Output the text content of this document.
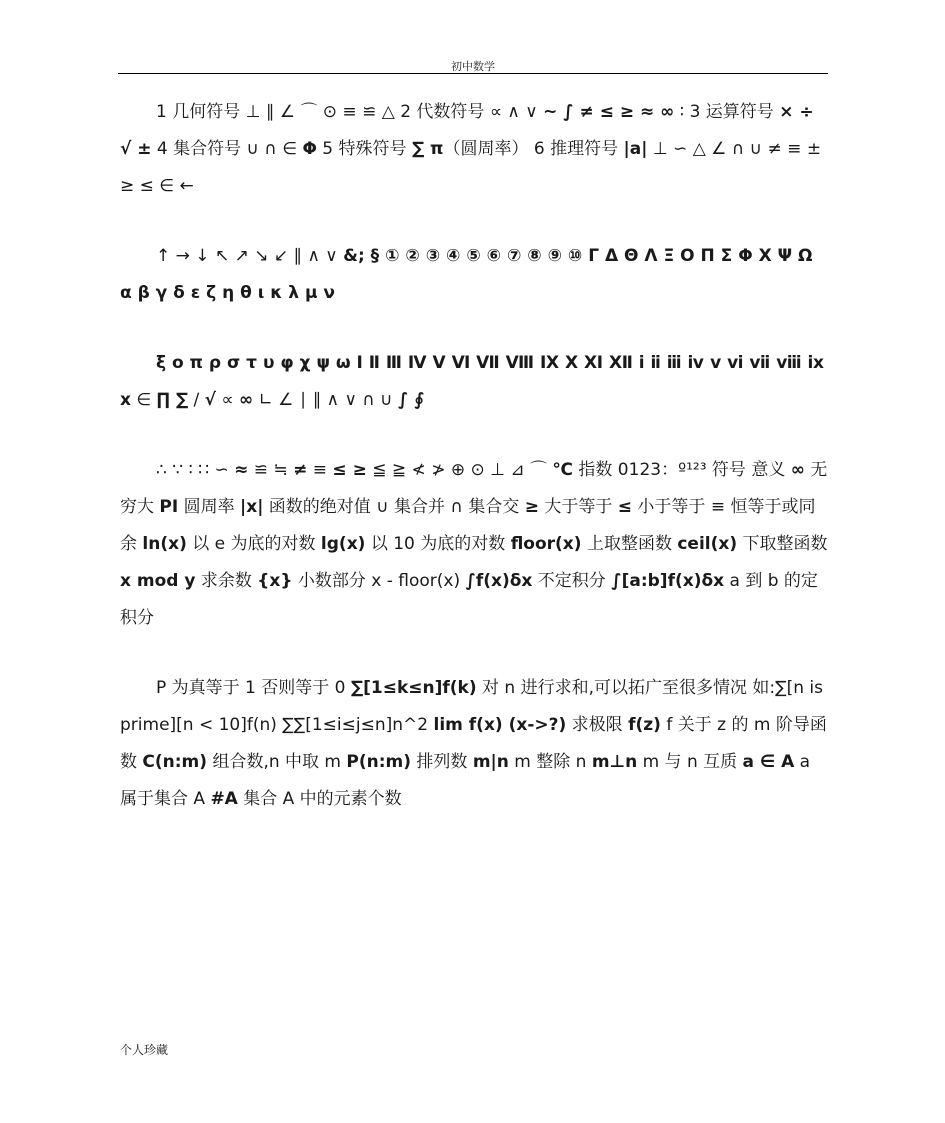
初中数学

1 几何符号 ⊥ ∥ ∠ ⌒ ⊙ ≡ ≌ △ 2 代数符号 ∝ ∧ ∨ ~ ∫ ≠ ≤ ≥ ≈ ∞ ∶ 3 运算符号 × ÷ √ ± 4 集合符号 ∪ ∩ ∈ Φ 5 特殊符号 ∑ π（圆周率） 6 推理符号 |a| ⊥ ∽ △ ∠ ∩ ∪ ≠ ≡ ± ≥ ≤ ∈ ←

↑ → ↓ ↖ ↗ ↘ ↙ ∥ ∧ ∨ &; § ① ② ③ ④ ⑤ ⑥ ⑦ ⑧ ⑨ ⑩ Γ Δ Θ Λ Ξ Ο Π Σ Φ Χ Ψ Ω α β γ δ ε ζ η θ ι κ λ μ ν

ξ ο π ρ σ τ υ φ χ ψ ω Ⅰ Ⅱ Ⅲ Ⅳ Ⅴ Ⅵ Ⅶ Ⅷ Ⅸ Ⅹ Ⅺ Ⅻ ⅰ ⅱ ⅲ ⅳ ⅴ ⅵ ⅶ ⅷ ⅸ ⅹ ∈ ∏ ∑ ∕ √ ∝ ∞ ∟ ∠ ∣ ∥ ∧ ∨ ∩ ∪ ∫ ∮

∴ ∵ ∶ ∷ ∽ ≈ ≌ ≒ ≠ ≡ ≤ ≥ ≦ ≧ ≮ ≯ ⊕ ⊙ ⊥ ⊿ ⌒ ℃ 指数 0123：º¹²³ 符号 意义 ∞ 无穷大 PI 圆周率 |x| 函数的绝对值 ∪ 集合并 ∩ 集合交 ≥ 大于等于 ≤ 小于等于 ≡ 恒等于或同余 ln(x) 以 e 为底的对数 lg(x) 以 10 为底的对数 floor(x) 上取整函数 ceil(x) 下取整函数 x mod y 求余数 {x} 小数部分 x - floor(x) ∫f(x)δx 不定积分 ∫[a:b]f(x)δx a 到 b 的定积分

P 为真等于 1 否则等于 0 ∑[1≤k≤n]f(k) 对 n 进行求和,可以拓广至很多情况 如:∑[n is prime][n < 10]f(n) ∑∑[1≤i≤j≤n]n^2 lim f(x) (x->?) 求极限 f(z) f 关于 z 的 m 阶导函数 C(n:m) 组合数,n 中取 m P(n:m) 排列数 m|n m 整除 n m⊥n m 与 n 互质 a ∈ A a 属于集合 A #A 集合 A 中的元素个数

个人珍藏
